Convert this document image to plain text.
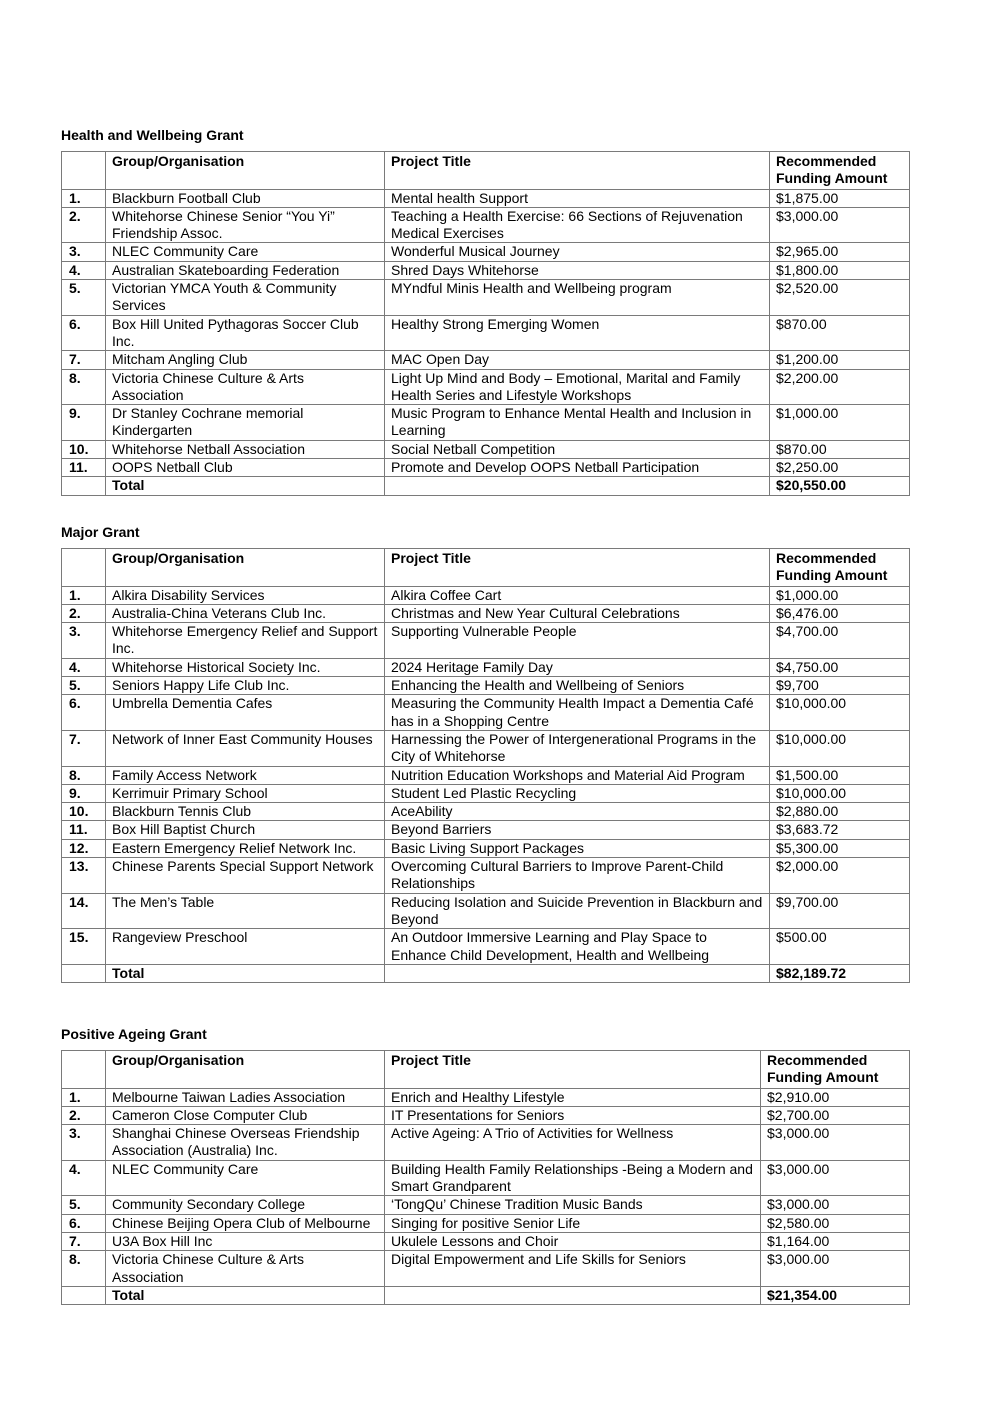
Health and Wellbeing Grant
	Group/Organisation	Project Title	Recommended Funding Amount
1.	Blackburn Football Club	Mental health Support	$1,875.00
2.	Whitehorse Chinese Senior “You Yi” Friendship Assoc.	Teaching a Health Exercise: 66 Sections of Rejuvenation Medical Exercises	$3,000.00
3.	NLEC Community Care	Wonderful Musical Journey	$2,965.00
4.	Australian Skateboarding Federation	Shred Days Whitehorse	$1,800.00
5.	Victorian YMCA Youth & Community Services	MYndful Minis Health and Wellbeing program	$2,520.00
6.	Box Hill United Pythagoras Soccer Club Inc.	Healthy Strong Emerging Women	$870.00
7.	Mitcham Angling Club	MAC Open Day	$1,200.00
8.	Victoria Chinese Culture & Arts Association	Light Up Mind and Body – Emotional, Marital and Family Health Series and Lifestyle Workshops	$2,200.00
9.	Dr Stanley Cochrane memorial Kindergarten	Music Program to Enhance Mental Health and Inclusion in Learning	$1,000.00
10.	Whitehorse Netball Association	Social Netball Competition	$870.00
11.	OOPS Netball Club	Promote and Develop OOPS Netball Participation	$2,250.00
	Total		$20,550.00
Major Grant
	Group/Organisation	Project Title	Recommended Funding Amount
1.	Alkira Disability Services	Alkira Coffee Cart	$1,000.00
2.	Australia-China Veterans Club Inc.	Christmas and New Year Cultural Celebrations	$6,476.00
3.	Whitehorse Emergency Relief and Support Inc.	Supporting Vulnerable People	$4,700.00
4.	Whitehorse Historical Society Inc.	2024 Heritage Family Day	$4,750.00
5.	Seniors Happy Life Club Inc.	Enhancing the Health and Wellbeing of Seniors	$9,700
6.	Umbrella Dementia Cafes	Measuring the Community Health Impact a Dementia Café has in a Shopping Centre	$10,000.00
7.	Network of Inner East Community Houses	Harnessing the Power of Intergenerational Programs in the City of Whitehorse	$10,000.00
8.	Family Access Network	Nutrition Education Workshops and Material Aid Program	$1,500.00
9.	Kerrimuir Primary School	Student Led Plastic Recycling	$10,000.00
10.	Blackburn Tennis Club	AceAbility	$2,880.00
11.	Box Hill Baptist Church	Beyond Barriers	$3,683.72
12.	Eastern Emergency Relief Network Inc.	Basic Living Support Packages	$5,300.00
13.	Chinese Parents Special Support Network	Overcoming Cultural Barriers to Improve Parent-Child Relationships	$2,000.00
14.	The Men’s Table	Reducing Isolation and Suicide Prevention in Blackburn and Beyond	$9,700.00
15.	Rangeview Preschool	An Outdoor Immersive Learning and Play Space to Enhance Child Development, Health and Wellbeing	$500.00
	Total		$82,189.72
Positive Ageing Grant
	Group/Organisation	Project Title	Recommended Funding Amount
1.	Melbourne Taiwan Ladies Association	Enrich and Healthy Lifestyle	$2,910.00
2.	Cameron Close Computer Club	IT Presentations for Seniors	$2,700.00
3.	Shanghai Chinese Overseas Friendship Association (Australia) Inc.	Active Ageing: A Trio of Activities for Wellness	$3,000.00
4.	NLEC Community Care	Building Health Family Relationships -Being a Modern and Smart Grandparent	$3,000.00
5.	Community Secondary College	‘TongQu’ Chinese Tradition Music Bands	$3,000.00
6.	Chinese Beijing Opera Club of Melbourne	Singing for positive Senior Life	$2,580.00
7.	U3A Box Hill Inc	Ukulele Lessons and Choir	$1,164.00
8.	Victoria Chinese Culture & Arts Association	Digital Empowerment and Life Skills for Seniors	$3,000.00
	Total		$21,354.00
